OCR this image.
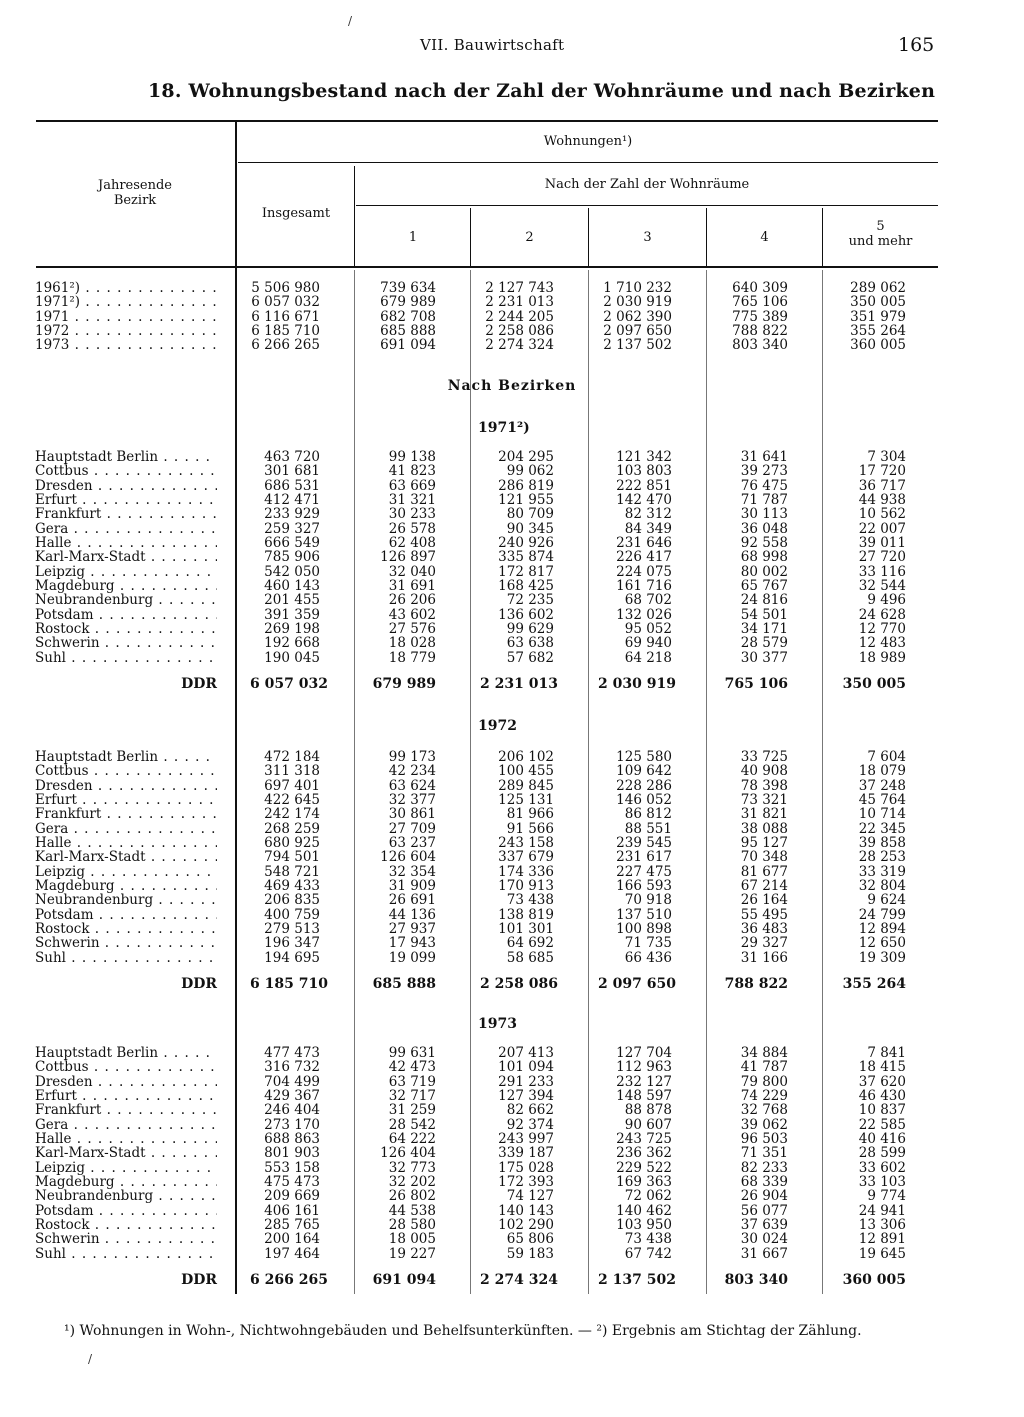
VII. Bauwirtschaft	165
/
18. Wohnungsbestand nach der Zahl der Wohnräume und nach Bezirken
Wohnungen¹)
Jahresende
Bezirk
Insgesamt
Nach der Zahl der Wohnräume
1	2	3	4
5
und mehr
1961²) . . .	5 506 980	739 634	2 127 743	1 710 232	640 309	289 062
1971²) . . .	6 057 032	679 989	2 231 013	2 030 919	765 106	350 005
1971 . . .	6 116 671	682 708	2 244 205	2 062 390	775 389	351 979
1972 . . .	6 185 710	685 888	2 258 086	2 097 650	788 822	355 264
1973 . . .	6 266 265	691 094	2 274 324	2 137 502	803 340	360 005
Nach Bezirken
1971²)
Hauptstadt Berlin . . .	463 720	99 138	204 295	121 342	31 641	7 304
Cottbus . . .	301 681	41 823	99 062	103 803	39 273	17 720
Dresden . . .	686 531	63 669	286 819	222 851	76 475	36 717
Erfurt . . .	412 471	31 321	121 955	142 470	71 787	44 938
Frankfurt . . .	233 929	30 233	80 709	82 312	30 113	10 562
Gera . . .	259 327	26 578	90 345	84 349	36 048	22 007
Halle . . .	666 549	62 408	240 926	231 646	92 558	39 011
Karl-Marx-Stadt . . .	785 906	126 897	335 874	226 417	68 998	27 720
Leipzig . . .	542 050	32 040	172 817	224 075	80 002	33 116
Magdeburg . . .	460 143	31 691	168 425	161 716	65 767	32 544
Neubrandenburg . . .	201 455	26 206	72 235	68 702	24 816	9 496
Potsdam . . .	391 359	43 602	136 602	132 026	54 501	24 628
Rostock . . .	269 198	27 576	99 629	95 052	34 171	12 770
Schwerin . . .	192 668	18 028	63 638	69 940	28 579	12 483
Suhl . . .	190 045	18 779	57 682	64 218	30 377	18 989
DDR 6 057 032	679 989	2 231 013	2 030 919	765 106	350 005
1972
Hauptstadt Berlin . . .	472 184	99 173	206 102	125 580	33 725	7 604
Cottbus . . .	311 318	42 234	100 455	109 642	40 908	18 079
Dresden . . .	697 401	63 624	289 845	228 286	78 398	37 248
Erfurt . . .	422 645	32 377	125 131	146 052	73 321	45 764
Frankfurt . . .	242 174	30 861	81 966	86 812	31 821	10 714
Gera . . .	268 259	27 709	91 566	88 551	38 088	22 345
Halle . . .	680 925	63 237	243 158	239 545	95 127	39 858
Karl-Marx-Stadt . . .	794 501	126 604	337 679	231 617	70 348	28 253
Leipzig . . .	548 721	32 354	174 336	227 475	81 677	33 319
Magdeburg . . .	469 433	31 909	170 913	166 593	67 214	32 804
Neubrandenburg . . .	206 835	26 691	73 438	70 918	26 164	9 624
Potsdam . . .	400 759	44 136	138 819	137 510	55 495	24 799
Rostock . . .	279 513	27 937	101 301	100 898	36 483	12 894
Schwerin . . .	196 347	17 943	64 692	71 735	29 327	12 650
Suhl . . .	194 695	19 099	58 685	66 436	31 166	19 309
DDR 6 185 710	685 888	2 258 086	2 097 650	788 822	355 264
1973
Hauptstadt Berlin . . .	477 473	99 631	207 413	127 704	34 884	7 841
Cottbus . . .	316 732	42 473	101 094	112 963	41 787	18 415
Dresden . . .	704 499	63 719	291 233	232 127	79 800	37 620
Erfurt . . .	429 367	32 717	127 394	148 597	74 229	46 430
Frankfurt . . .	246 404	31 259	82 662	88 878	32 768	10 837
Gera . . .	273 170	28 542	92 374	90 607	39 062	22 585
Halle . . .	688 863	64 222	243 997	243 725	96 503	40 416
Karl-Marx-Stadt . . .	801 903	126 404	339 187	236 362	71 351	28 599
Leipzig . . .	553 158	32 773	175 028	229 522	82 233	33 602
Magdeburg . . .	475 473	32 202	172 393	169 363	68 339	33 103
Neubrandenburg . . .	209 669	26 802	74 127	72 062	26 904	9 774
Potsdam . . .	406 161	44 538	140 143	140 462	56 077	24 941
Rostock . . .	285 765	28 580	102 290	103 950	37 639	13 306
Schwerin . . .	200 164	18 005	65 806	73 438	30 024	12 891
Suhl . . .	197 464	19 227	59 183	67 742	31 667	19 645
DDR 6 266 265	691 094	2 274 324	2 137 502	803 340	360 005
¹) Wohnungen in Wohn-, Nichtwohngebäuden und Behelfsunterkünften. — ²) Ergebnis am Stichtag der Zählung.
/
